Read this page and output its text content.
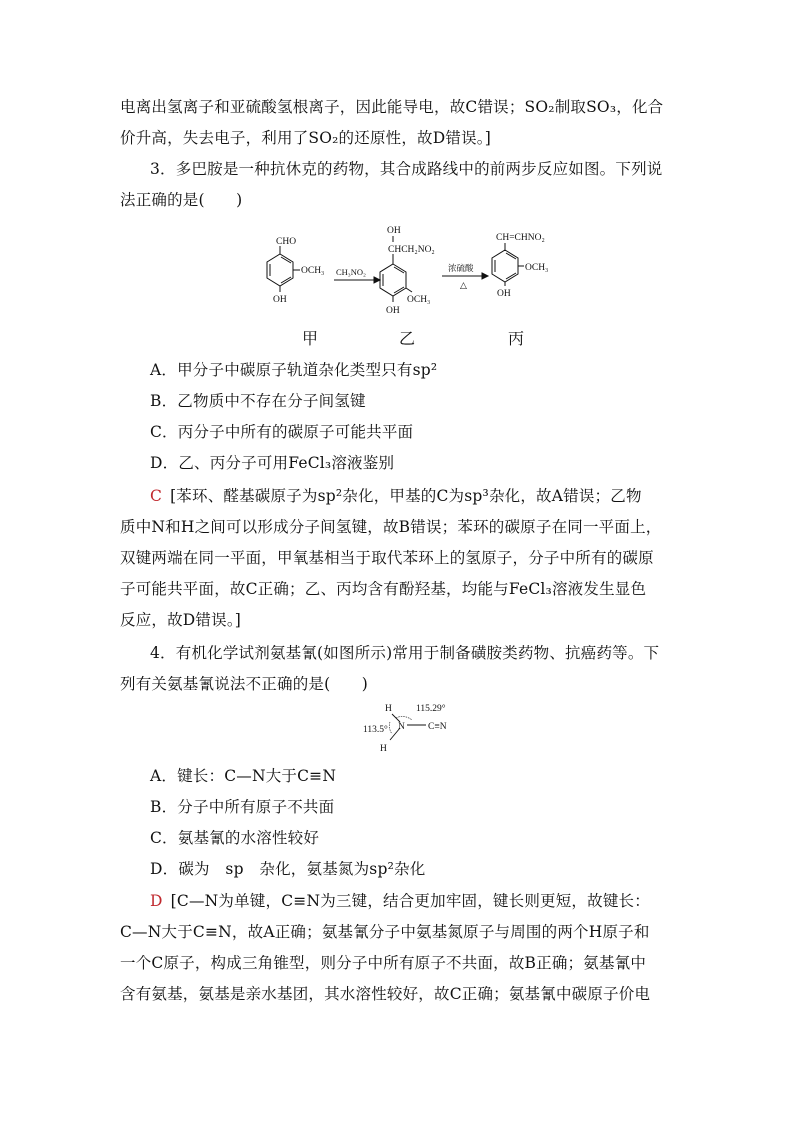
电离出氢离子和亚硫酸氢根离子，因此能导电，故C错误；SO₂制取SO₃，化合
价升高，失去电子，利用了SO₂的还原性，故D错误。]
3．多巴胺是一种抗休克的药物，其合成路线中的前两步反应如图。下列说
法正确的是(　　)
CHO
OCH₃
OH
CH₃NO₂
OH
CHCH₂NO₂
OCH₃
OH
浓硫酸
△
CH=CHNO₂
OCH₃
OH
甲	乙	丙
A．甲分子中碳原子轨道杂化类型只有sp²
B．乙物质中不存在分子间氢键
C．丙分子中所有的碳原子可能共平面
D．乙、丙分子可用FeCl₃溶液鉴别
C [苯环、醛基碳原子为sp²杂化，甲基的C为sp³杂化，故A错误；乙物
质中N和H之间可以形成分子间氢键，故B错误；苯环的碳原子在同一平面上，
双键两端在同一平面，甲氧基相当于取代苯环上的氢原子，分子中所有的碳原
子可能共平面，故C正确；乙、丙均含有酚羟基，均能与FeCl₃溶液发生显色
反应，故D错误。]
4．有机化学试剂氨基氰(如图所示)常用于制备磺胺类药物、抗癌药等。下
列有关氨基氰说法不正确的是(　　)
H	115.29°
N
113.5°	C≡N
H
A．键长：C—N大于C≡N
B．分子中所有原子不共面
C．氨基氰的水溶性较好
D．碳为　sp　杂化，氨基氮为sp²杂化
D [C—N为单键，C≡N为三键，结合更加牢固，键长则更短，故键长：
C—N大于C≡N，故A正确；氨基氰分子中氨基氮原子与周围的两个H原子和
一个C原子，构成三角锥型，则分子中所有原子不共面，故B正确；氨基氰中
含有氨基，氨基是亲水基团，其水溶性较好，故C正确；氨基氰中碳原子价电
